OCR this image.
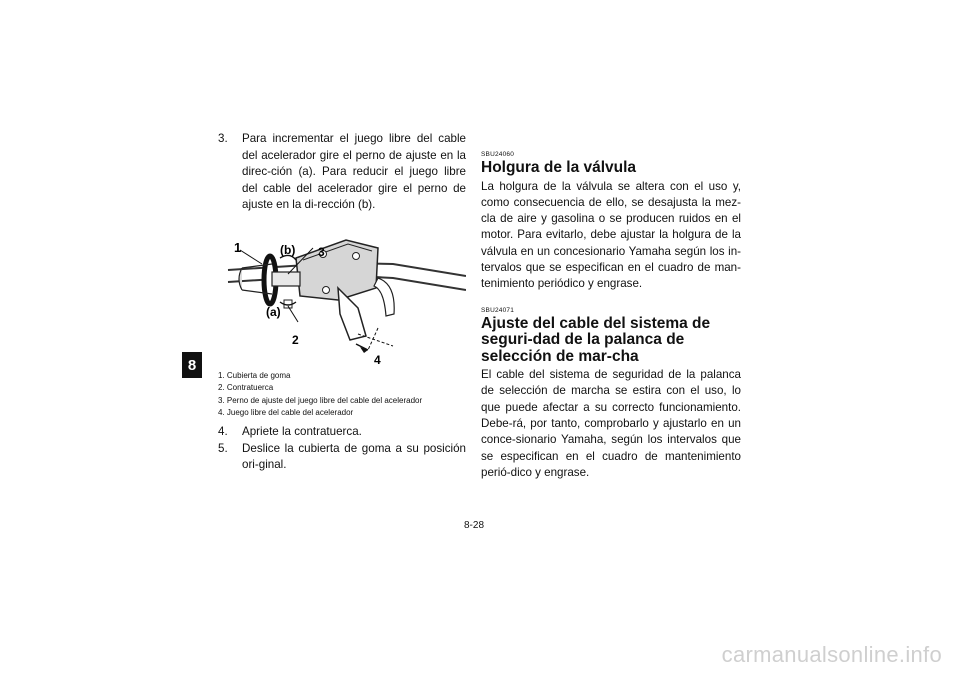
8
3. Para incrementar el juego libre del cable del acelerador gire el perno de ajuste en la direc-ción (a). Para reducir el juego libre del cable del acelerador gire el perno de ajuste en la di-rección (b).
1	(b) 3
(a)
2
4
1. Cubierta de goma
2. Contratuerca
3. Perno de ajuste del juego libre del cable del acelerador
4. Juego libre del cable del acelerador
4. Apriete la contratuerca.
5. Deslice la cubierta de goma a su posición ori-ginal.
SBU24060
Holgura de la válvula
La holgura de la válvula se altera con el uso y, como consecuencia de ello, se desajusta la mez-cla de aire y gasolina o se producen ruidos en el motor. Para evitarlo, debe ajustar la holgura de la válvula en un concesionario Yamaha según los in-tervalos que se especifican en el cuadro de man-tenimiento periódico y engrase.
SBU24071
Ajuste del cable del sistema de seguri-dad de la palanca de selección de mar-cha
El cable del sistema de seguridad de la palanca de selección de marcha se estira con el uso, lo que puede afectar a su correcto funcionamiento. Debe-rá, por tanto, comprobarlo y ajustarlo en un conce-sionario Yamaha, según los intervalos que se especifican en el cuadro de mantenimiento perió-dico y engrase.
8-28
carmanualsonline.info
